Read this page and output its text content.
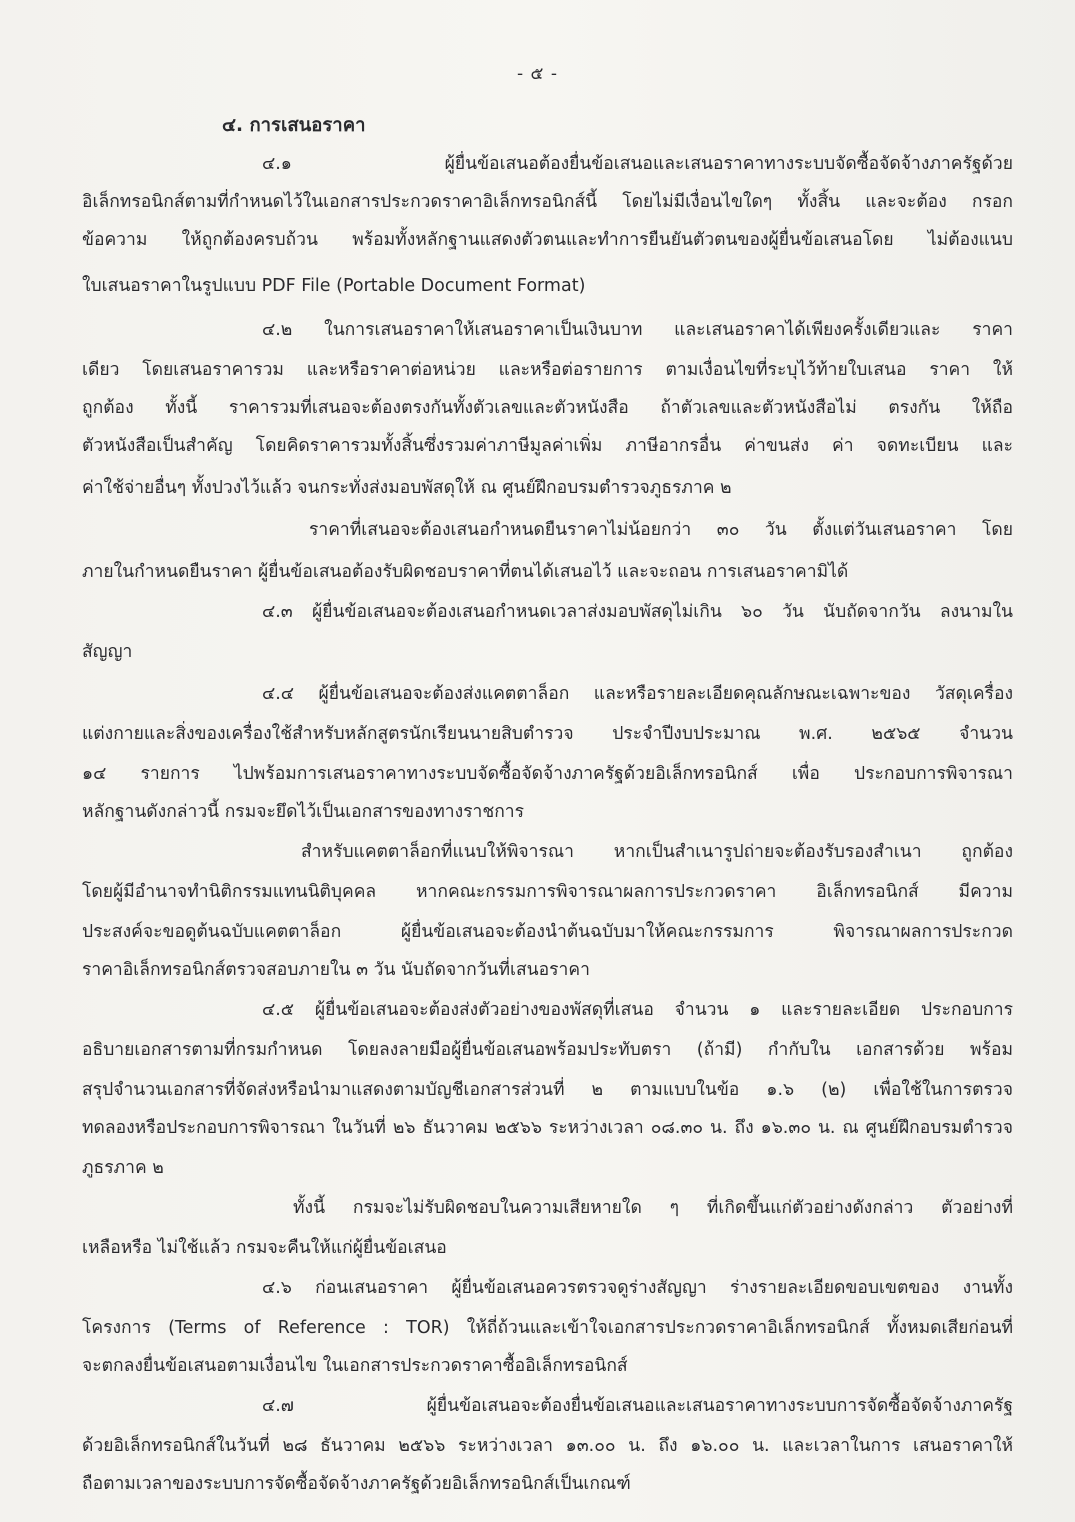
- ๕ -
๔. การเสนอราคา
๔.๑ ผู้ยื่นข้อเสนอต้องยื่นข้อเสนอและเสนอราคาทางระบบจัดซื้อจัดจ้างภาครัฐด้วย
อิเล็กทรอนิกส์ตามที่กำหนดไว้ในเอกสารประกวดราคาอิเล็กทรอนิกส์นี้ โดยไม่มีเงื่อนไขใดๆ ทั้งสิ้น และจะต้อง กรอก
ข้อความ ให้ถูกต้องครบถ้วน พร้อมทั้งหลักฐานแสดงตัวตนและทำการยืนยันตัวตนของผู้ยื่นข้อเสนอโดย ไม่ต้องแนบ
ใบเสนอราคาในรูปแบบ PDF File (Portable Document Format)
๔.๒ ในการเสนอราคาให้เสนอราคาเป็นเงินบาท และเสนอราคาได้เพียงครั้งเดียวและ ราคา
เดียว โดยเสนอราคารวม และหรือราคาต่อหน่วย และหรือต่อรายการ ตามเงื่อนไขที่ระบุไว้ท้ายใบเสนอ ราคา ให้
ถูกต้อง ทั้งนี้ ราคารวมที่เสนอจะต้องตรงกันทั้งตัวเลขและตัวหนังสือ ถ้าตัวเลขและตัวหนังสือไม่ ตรงกัน ให้ถือ
ตัวหนังสือเป็นสำคัญ โดยคิดราคารวมทั้งสิ้นซึ่งรวมค่าภาษีมูลค่าเพิ่ม ภาษีอากรอื่น ค่าขนส่ง ค่า จดทะเบียน และ
ค่าใช้จ่ายอื่นๆ ทั้งปวงไว้แล้ว จนกระทั่งส่งมอบพัสดุให้ ณ ศูนย์ฝึกอบรมตำรวจภูธรภาค ๒
ราคาที่เสนอจะต้องเสนอกำหนดยืนราคาไม่น้อยกว่า ๓๐ วัน ตั้งแต่วันเสนอราคา โดย
ภายในกำหนดยืนราคา ผู้ยื่นข้อเสนอต้องรับผิดชอบราคาที่ตนได้เสนอไว้ และจะถอน การเสนอราคามิได้
๔.๓ ผู้ยื่นข้อเสนอจะต้องเสนอกำหนดเวลาส่งมอบพัสดุไม่เกิน ๖๐ วัน นับถัดจากวัน ลงนามใน
สัญญา
๔.๔ ผู้ยื่นข้อเสนอจะต้องส่งแคตตาล็อก และหรือรายละเอียดคุณลักษณะเฉพาะของ วัสดุเครื่อง
แต่งกายและสิ่งของเครื่องใช้สำหรับหลักสูตรนักเรียนนายสิบตำรวจ ประจำปีงบประมาณ พ.ศ. ๒๕๖๕ จำนวน
๑๔ รายการ ไปพร้อมการเสนอราคาทางระบบจัดซื้อจัดจ้างภาครัฐด้วยอิเล็กทรอนิกส์ เพื่อ ประกอบการพิจารณา
หลักฐานดังกล่าวนี้ กรมจะยึดไว้เป็นเอกสารของทางราชการ
สำหรับแคตตาล็อกที่แนบให้พิจารณา หากเป็นสำเนารูปถ่ายจะต้องรับรองสำเนา ถูกต้อง
โดยผู้มีอำนาจทำนิติกรรมแทนนิติบุคคล หากคณะกรรมการพิจารณาผลการประกวดราคา อิเล็กทรอนิกส์ มีความ
ประสงค์จะขอดูต้นฉบับแคตตาล็อก ผู้ยื่นข้อเสนอจะต้องนำต้นฉบับมาให้คณะกรรมการ พิจารณาผลการประกวด
ราคาอิเล็กทรอนิกส์ตรวจสอบภายใน ๓ วัน นับถัดจากวันที่เสนอราคา
๔.๕ ผู้ยื่นข้อเสนอจะต้องส่งตัวอย่างของพัสดุที่เสนอ จำนวน ๑ และรายละเอียด ประกอบการ
อธิบายเอกสารตามที่กรมกำหนด โดยลงลายมือผู้ยื่นข้อเสนอพร้อมประทับตรา (ถ้ามี) กำกับใน เอกสารด้วย พร้อม
สรุปจำนวนเอกสารที่จัดส่งหรือนำมาแสดงตามบัญชีเอกสารส่วนที่ ๒ ตามแบบในข้อ ๑.๖ (๒) เพื่อใช้ในการตรวจ
ทดลองหรือประกอบการพิจารณา ในวันที่ ๒๖ ธันวาคม ๒๕๖๖ ระหว่างเวลา ๐๘.๓๐ น. ถึง ๑๖.๓๐ น. ณ ศูนย์ฝึกอบรมตำรวจ
ภูธรภาค ๒
ทั้งนี้ กรมจะไม่รับผิดชอบในความเสียหายใด ๆ ที่เกิดขึ้นแก่ตัวอย่างดังกล่าว ตัวอย่างที่
เหลือหรือ ไม่ใช้แล้ว กรมจะคืนให้แก่ผู้ยื่นข้อเสนอ
๔.๖ ก่อนเสนอราคา ผู้ยื่นข้อเสนอควรตรวจดูร่างสัญญา ร่างรายละเอียดขอบเขตของ งานทั้ง
โครงการ (Terms of Reference : TOR) ให้ถี่ถ้วนและเข้าใจเอกสารประกวดราคาอิเล็กทรอนิกส์ ทั้งหมดเสียก่อนที่
จะตกลงยื่นข้อเสนอตามเงื่อนไข ในเอกสารประกวดราคาซื้ออิเล็กทรอนิกส์
๔.๗ ผู้ยื่นข้อเสนอจะต้องยื่นข้อเสนอและเสนอราคาทางระบบการจัดซื้อจัดจ้างภาครัฐ
ด้วยอิเล็กทรอนิกส์ในวันที่ ๒๘ ธันวาคม ๒๕๖๖ ระหว่างเวลา ๑๓.๐๐ น. ถึง ๑๖.๐๐ น. และเวลาในการ เสนอราคาให้
ถือตามเวลาของระบบการจัดซื้อจัดจ้างภาครัฐด้วยอิเล็กทรอนิกส์เป็นเกณฑ์
